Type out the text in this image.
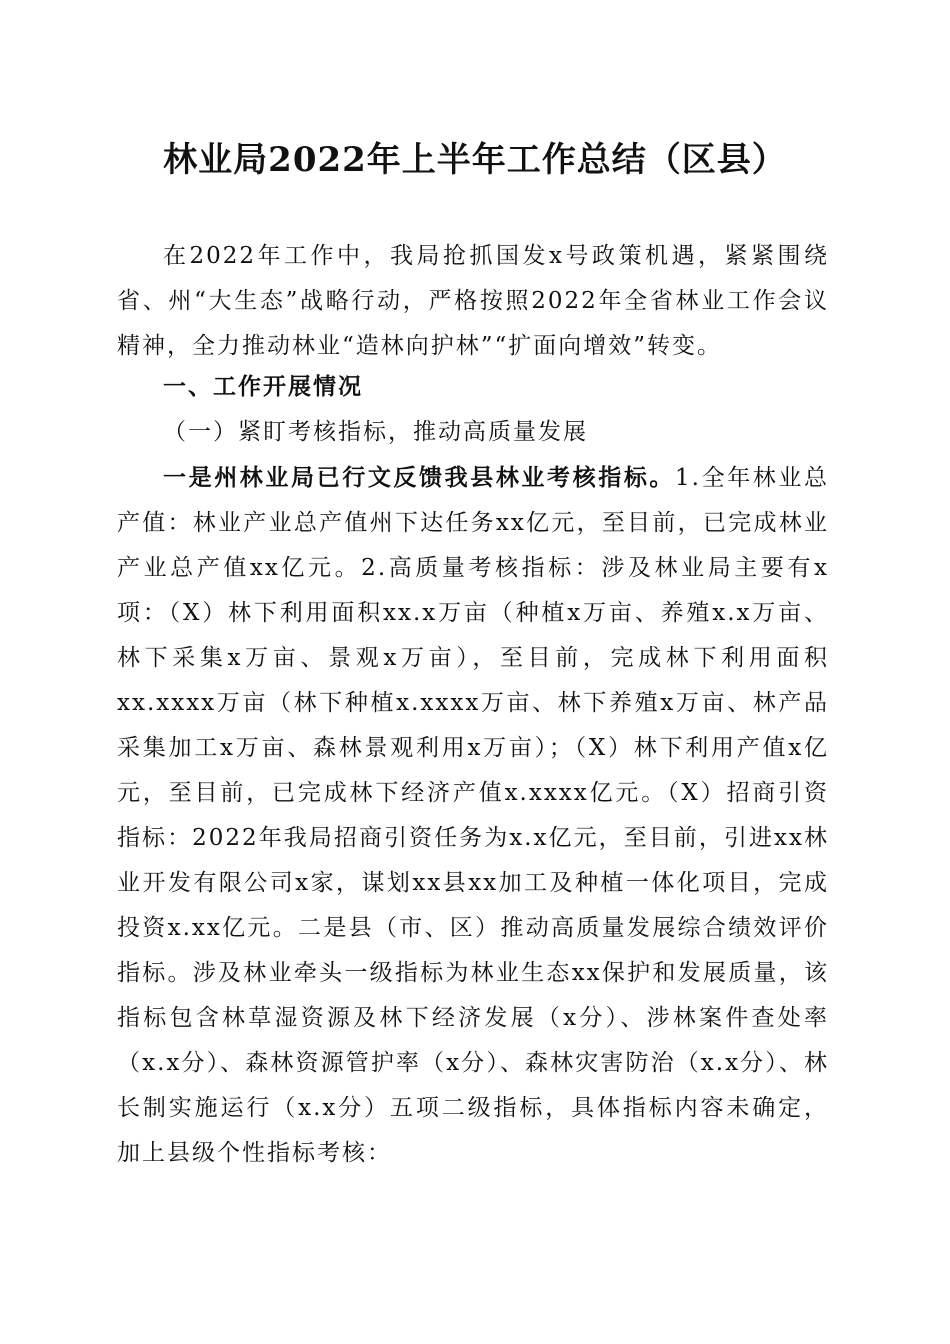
林业局2022年上半年工作总结（区县）
在2022年工作中，我局抢抓国发x号政策机遇，紧紧围绕省、州“大生态”战略行动，严格按照2022年全省林业工作会议精神，全力推动林业“造林向护林”“扩面向增效”转变。
一、工作开展情况
（一）紧盯考核指标，推动高质量发展
一是州林业局已行文反馈我县林业考核指标。1.全年林业总产值：林业产业总产值州下达任务xx亿元，至目前，已完成林业产业总产值xx亿元。2.高质量考核指标：涉及林业局主要有x项：（X）林下利用面积xx.x万亩（种植x万亩、养殖x.x万亩、林下采集x万亩、景观x万亩），至目前，完成林下利用面积xx.xxxx万亩（林下种植x.xxxx万亩、林下养殖x万亩、林产品采集加工x万亩、森林景观利用x万亩）；（X）林下利用产值x亿元，至目前，已完成林下经济产值x.xxxx亿元。（X）招商引资指标：2022年我局招商引资任务为x.x亿元，至目前，引进xx林业开发有限公司x家，谋划xx县xx加工及种植一体化项目，完成投资x.xx亿元。二是县（市、区）推动高质量发展综合绩效评价指标。涉及林业牵头一级指标为林业生态xx保护和发展质量，该指标包含林草湿资源及林下经济发展（x分）、涉林案件查处率（x.x分）、森林资源管护率（x分）、森林灾害防治（x.x分）、林长制实施运行（x.x分）五项二级指标，具体指标内容未确定，加上县级个性指标考核：
